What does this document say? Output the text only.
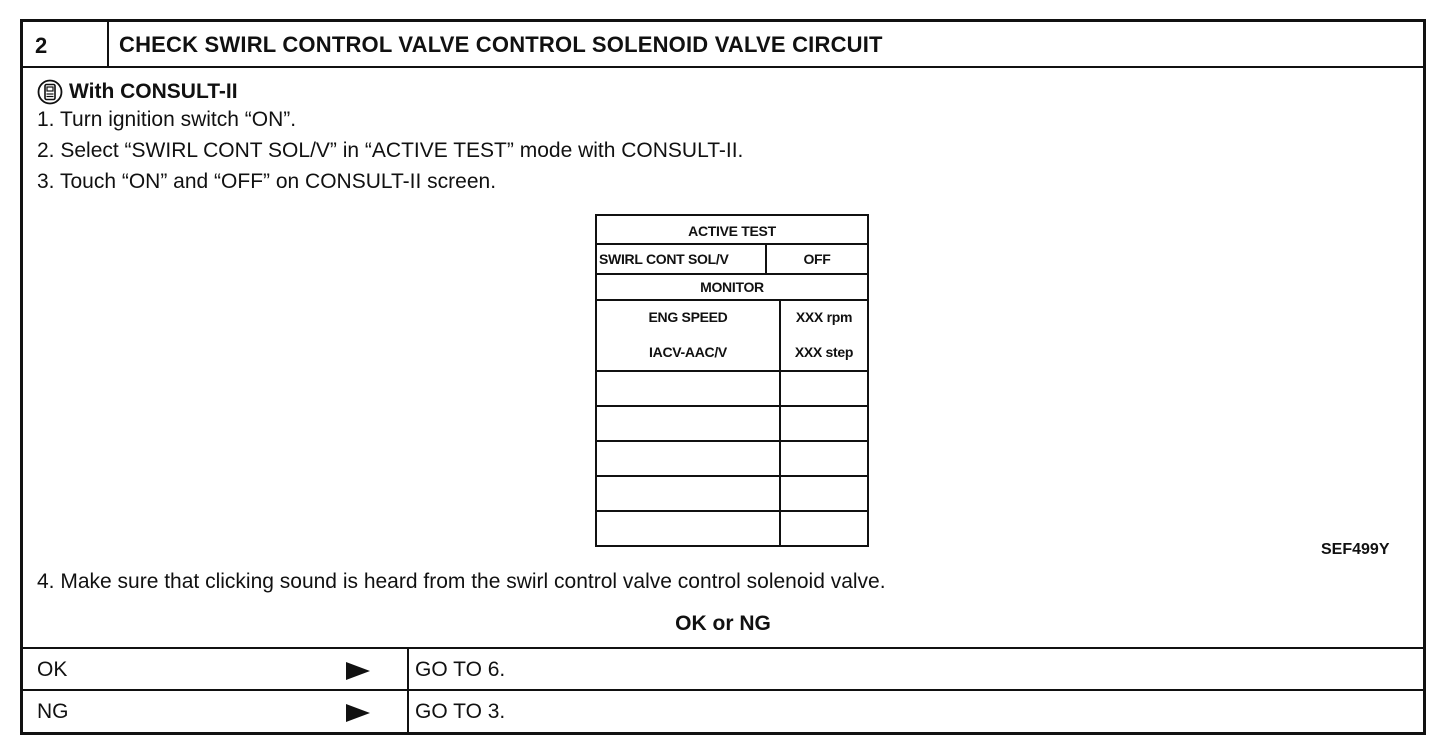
2	CHECK SWIRL CONTROL VALVE CONTROL SOLENOID VALVE CIRCUIT
With CONSULT-II
1. Turn ignition switch “ON”.
2. Select “SWIRL CONT SOL/V” in “ACTIVE TEST” mode with CONSULT-II.
3. Touch “ON” and “OFF” on CONSULT-II screen.
ACTIVE TEST
SWIRL CONT SOL/V	OFF
MONITOR
ENG SPEED	XXX rpm
IACV-AAC/V	XXX step
SEF499Y
4. Make sure that clicking sound is heard from the swirl control valve control solenoid valve.
OK or NG
OK	GO TO 6.
NG	GO TO 3.
